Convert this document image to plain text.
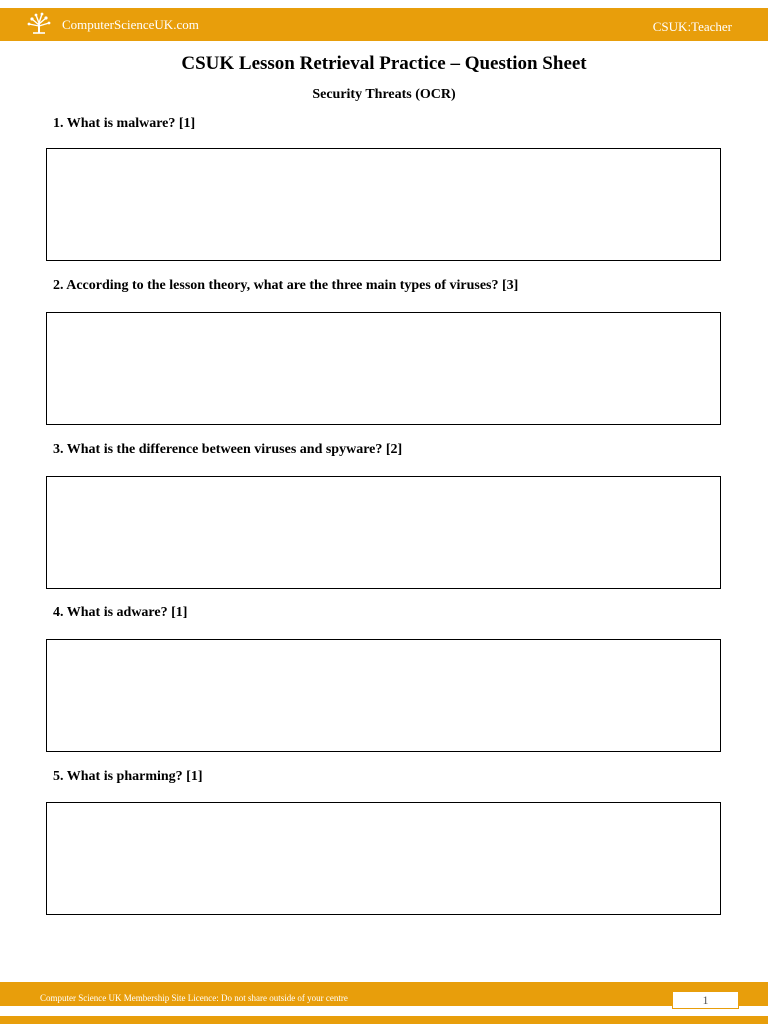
ComputerScienceUK.com	CSUK:Teacher
CSUK Lesson Retrieval Practice – Question Sheet
Security Threats (OCR)
1. What is malware? [1]
2. According to the lesson theory, what are the three main types of viruses? [3]
3. What is the difference between viruses and spyware? [2]
4. What is adware? [1]
5. What is pharming? [1]
Computer Science UK Membership Site Licence: Do not share outside of your centre	1
